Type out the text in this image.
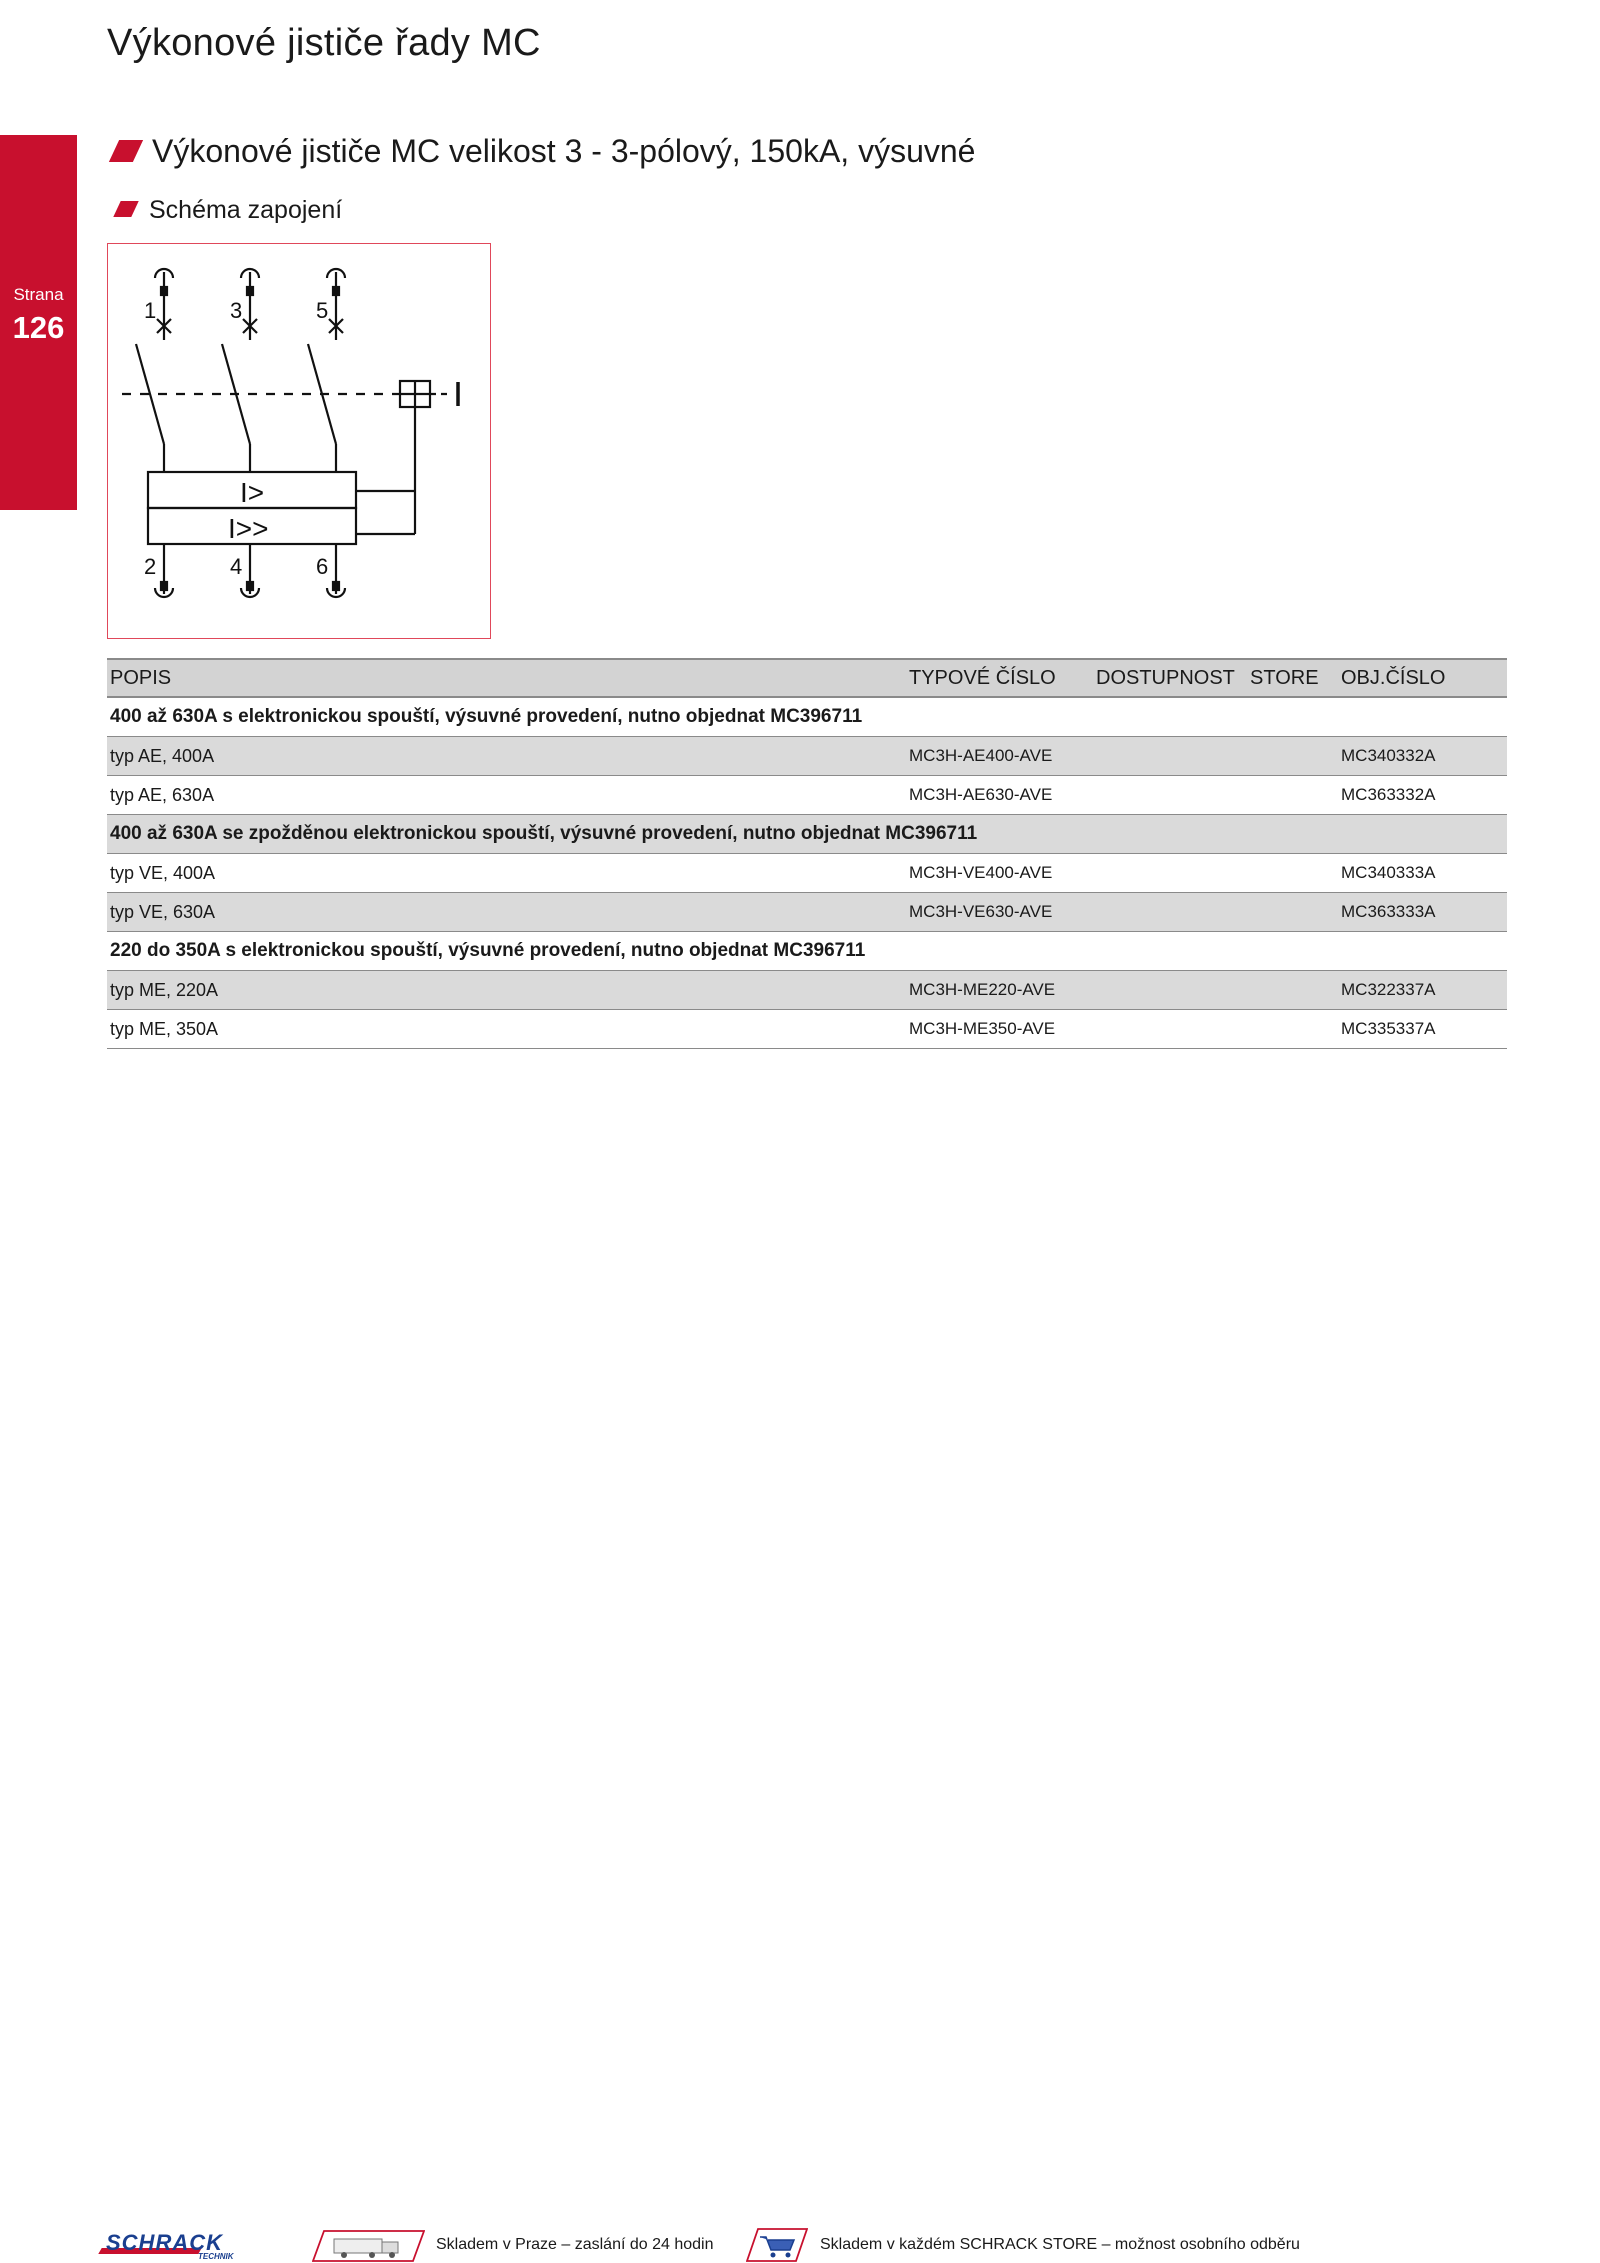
Výkonové jističe řady MC
Strana
126
Výkonové jističe MC velikost 3 - 3-pólový, 150kA, výsuvné
Schéma zapojení
1	3	5
I>
I>>
2	4	6
POPIS	TYPOVÉ ČÍSLO DOSTUPNOST STORE OBJ.ČÍSLO
400 až 630A s elektronickou spouští, výsuvné provedení, nutno objednat MC396711
typ AE, 400A	MC3H-AE400-AVE	MC340332A
typ AE, 630A	MC3H-AE630-AVE	MC363332A
400 až 630A se zpožděnou elektronickou spouští, výsuvné provedení, nutno objednat MC396711
typ VE, 400A	MC3H-VE400-AVE	MC340333A
typ VE, 630A	MC3H-VE630-AVE	MC363333A
220 do 350A s elektronickou spouští, výsuvné provedení, nutno objednat MC396711
typ ME, 220A	MC3H-ME220-AVE	MC322337A
typ ME, 350A	MC3H-ME350-AVE	MC335337A
SCHRACK
TECHNIK
Skladem v Praze – zaslání do 24 hodin	Skladem v každém SCHRACK STORE – možnost osobního odběru
